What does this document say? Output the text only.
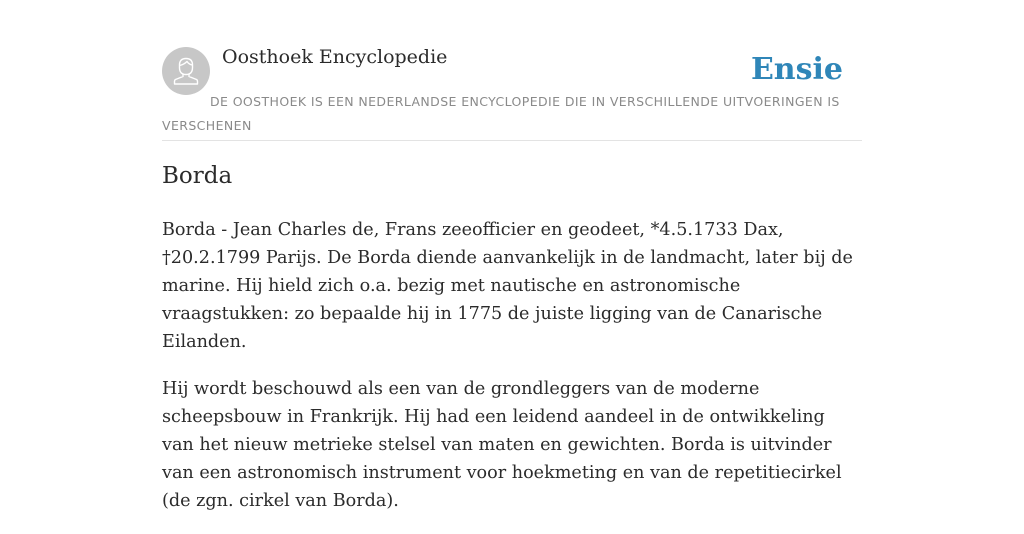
Oosthoek Encyclopedie	Ensie
DE OOSTHOEK IS EEN NEDERLANDSE ENCYCLOPEDIE DIE IN VERSCHILLENDE UITVOERINGEN IS VERSCHENEN
Borda

Borda - Jean Charles de, Frans zeeofficier en geodeet, *4.5.1733 Dax, †20.2.1799 Parijs. De Borda diende aanvankelijk in de landmacht, later bij de marine. Hij hield zich o.a. bezig met nautische en astronomische vraagstukken: zo bepaalde hij in 1775 de juiste ligging van de Canarische Eilanden.

Hij wordt beschouwd als een van de grondleggers van de moderne scheepsbouw in Frankrijk. Hij had een leidend aandeel in de ontwikkeling van het nieuw metrieke stelsel van maten en gewichten. Borda is uitvinder van een astronomisch instrument voor hoekmeting en van de repetitiecirkel (de zgn. cirkel van Borda).
